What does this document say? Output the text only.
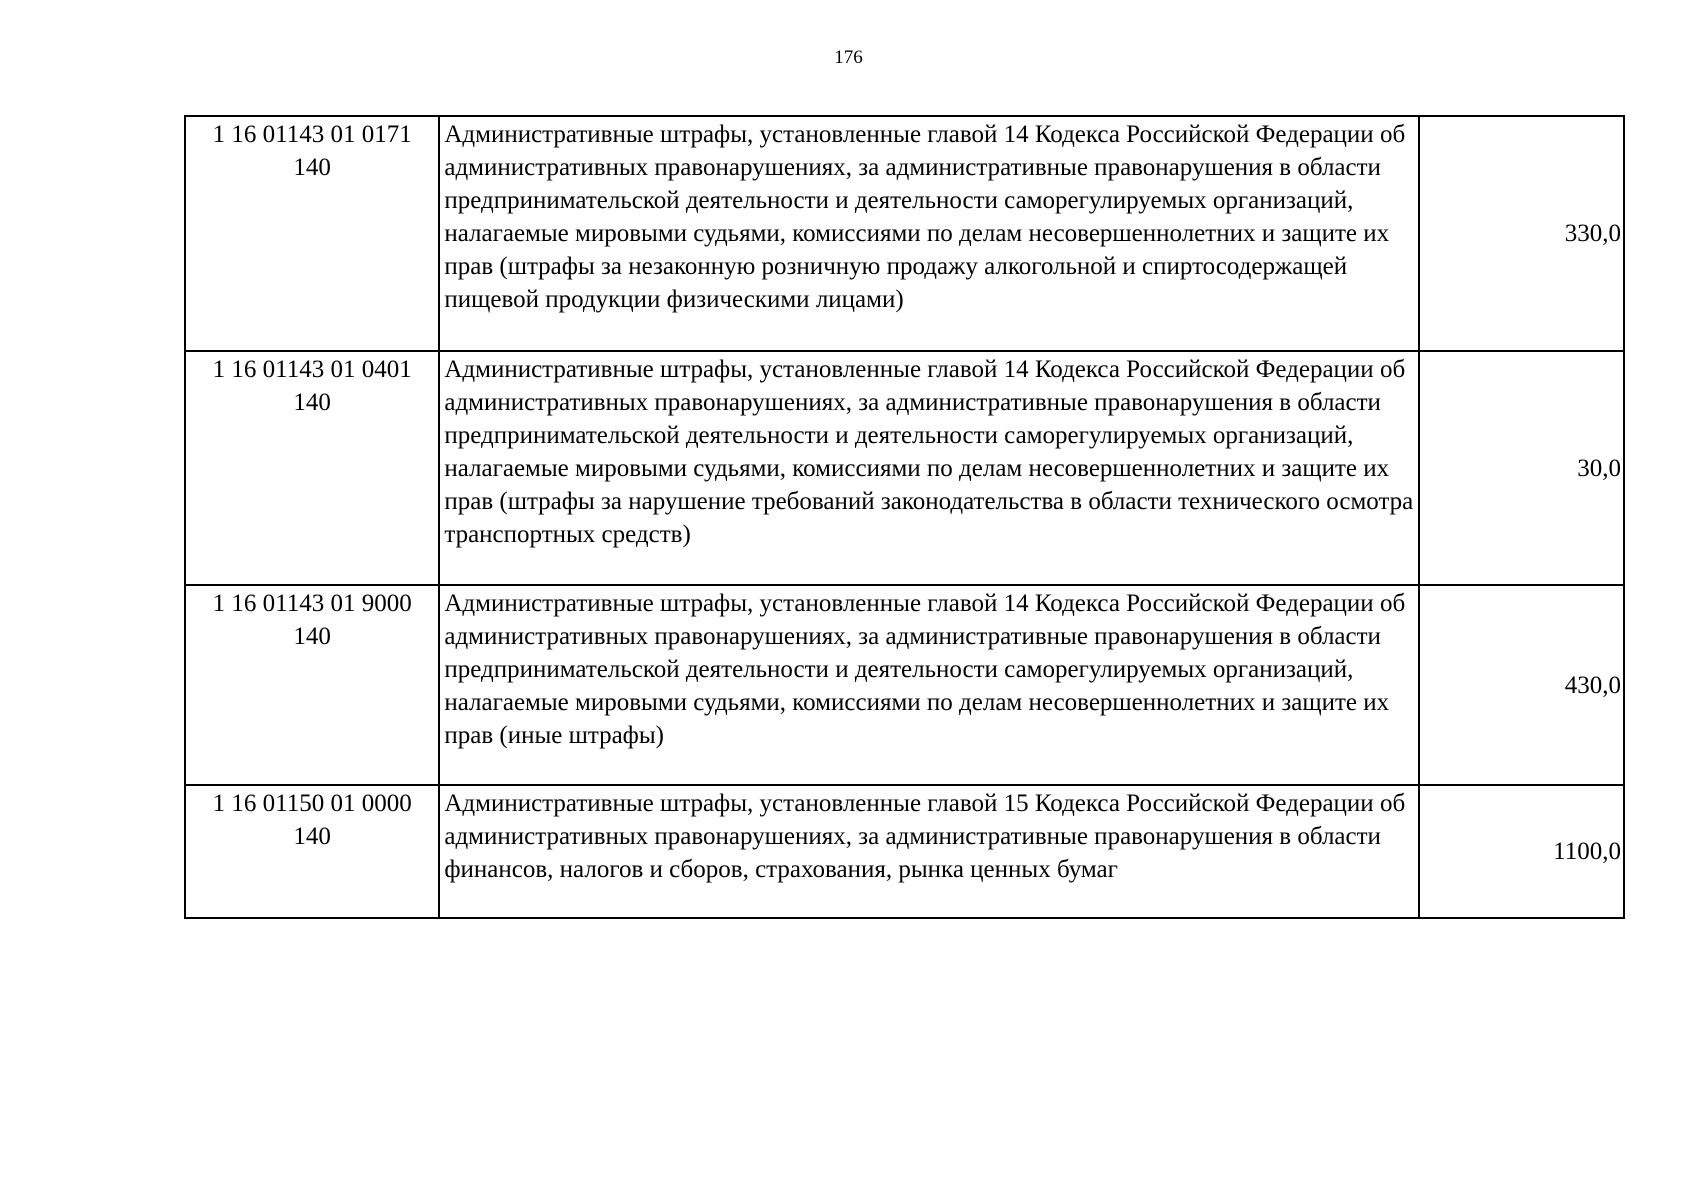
176
1 16 01143 01 0171
140	Административные штрафы, установленные главой 14 Кодекса Российской Федерации об административных правонарушениях, за административные правонарушения в области предпринимательской деятельности и деятельности саморегулируемых организаций, налагаемые мировыми судьями, комиссиями по делам несовершеннолетних и защите их прав (штрафы за незаконную розничную продажу алкогольной и спиртосодержащей пищевой продукции физическими лицами)	330,0

1 16 01143 01 0401
140	Административные штрафы, установленные главой 14 Кодекса Российской Федерации об административных правонарушениях, за административные правонарушения в области предпринимательской деятельности и деятельности саморегулируемых организаций, налагаемые мировыми судьями, комиссиями по делам несовершеннолетних и защите их прав (штрафы за нарушение требований законодательства в области технического осмотра транспортных средств)	30,0

1 16 01143 01 9000
140	Административные штрафы, установленные главой 14 Кодекса Российской Федерации об административных правонарушениях, за административные правонарушения в области предпринимательской деятельности и деятельности саморегулируемых организаций, налагаемые мировыми судьями, комиссиями по делам несовершеннолетних и защите их прав (иные штрафы)	430,0

1 16 01150 01 0000
140	Административные штрафы, установленные главой 15 Кодекса Российской Федерации об административных правонарушениях, за административные правонарушения в области финансов, налогов и сборов, страхования, рынка ценных бумаг	1100,0
